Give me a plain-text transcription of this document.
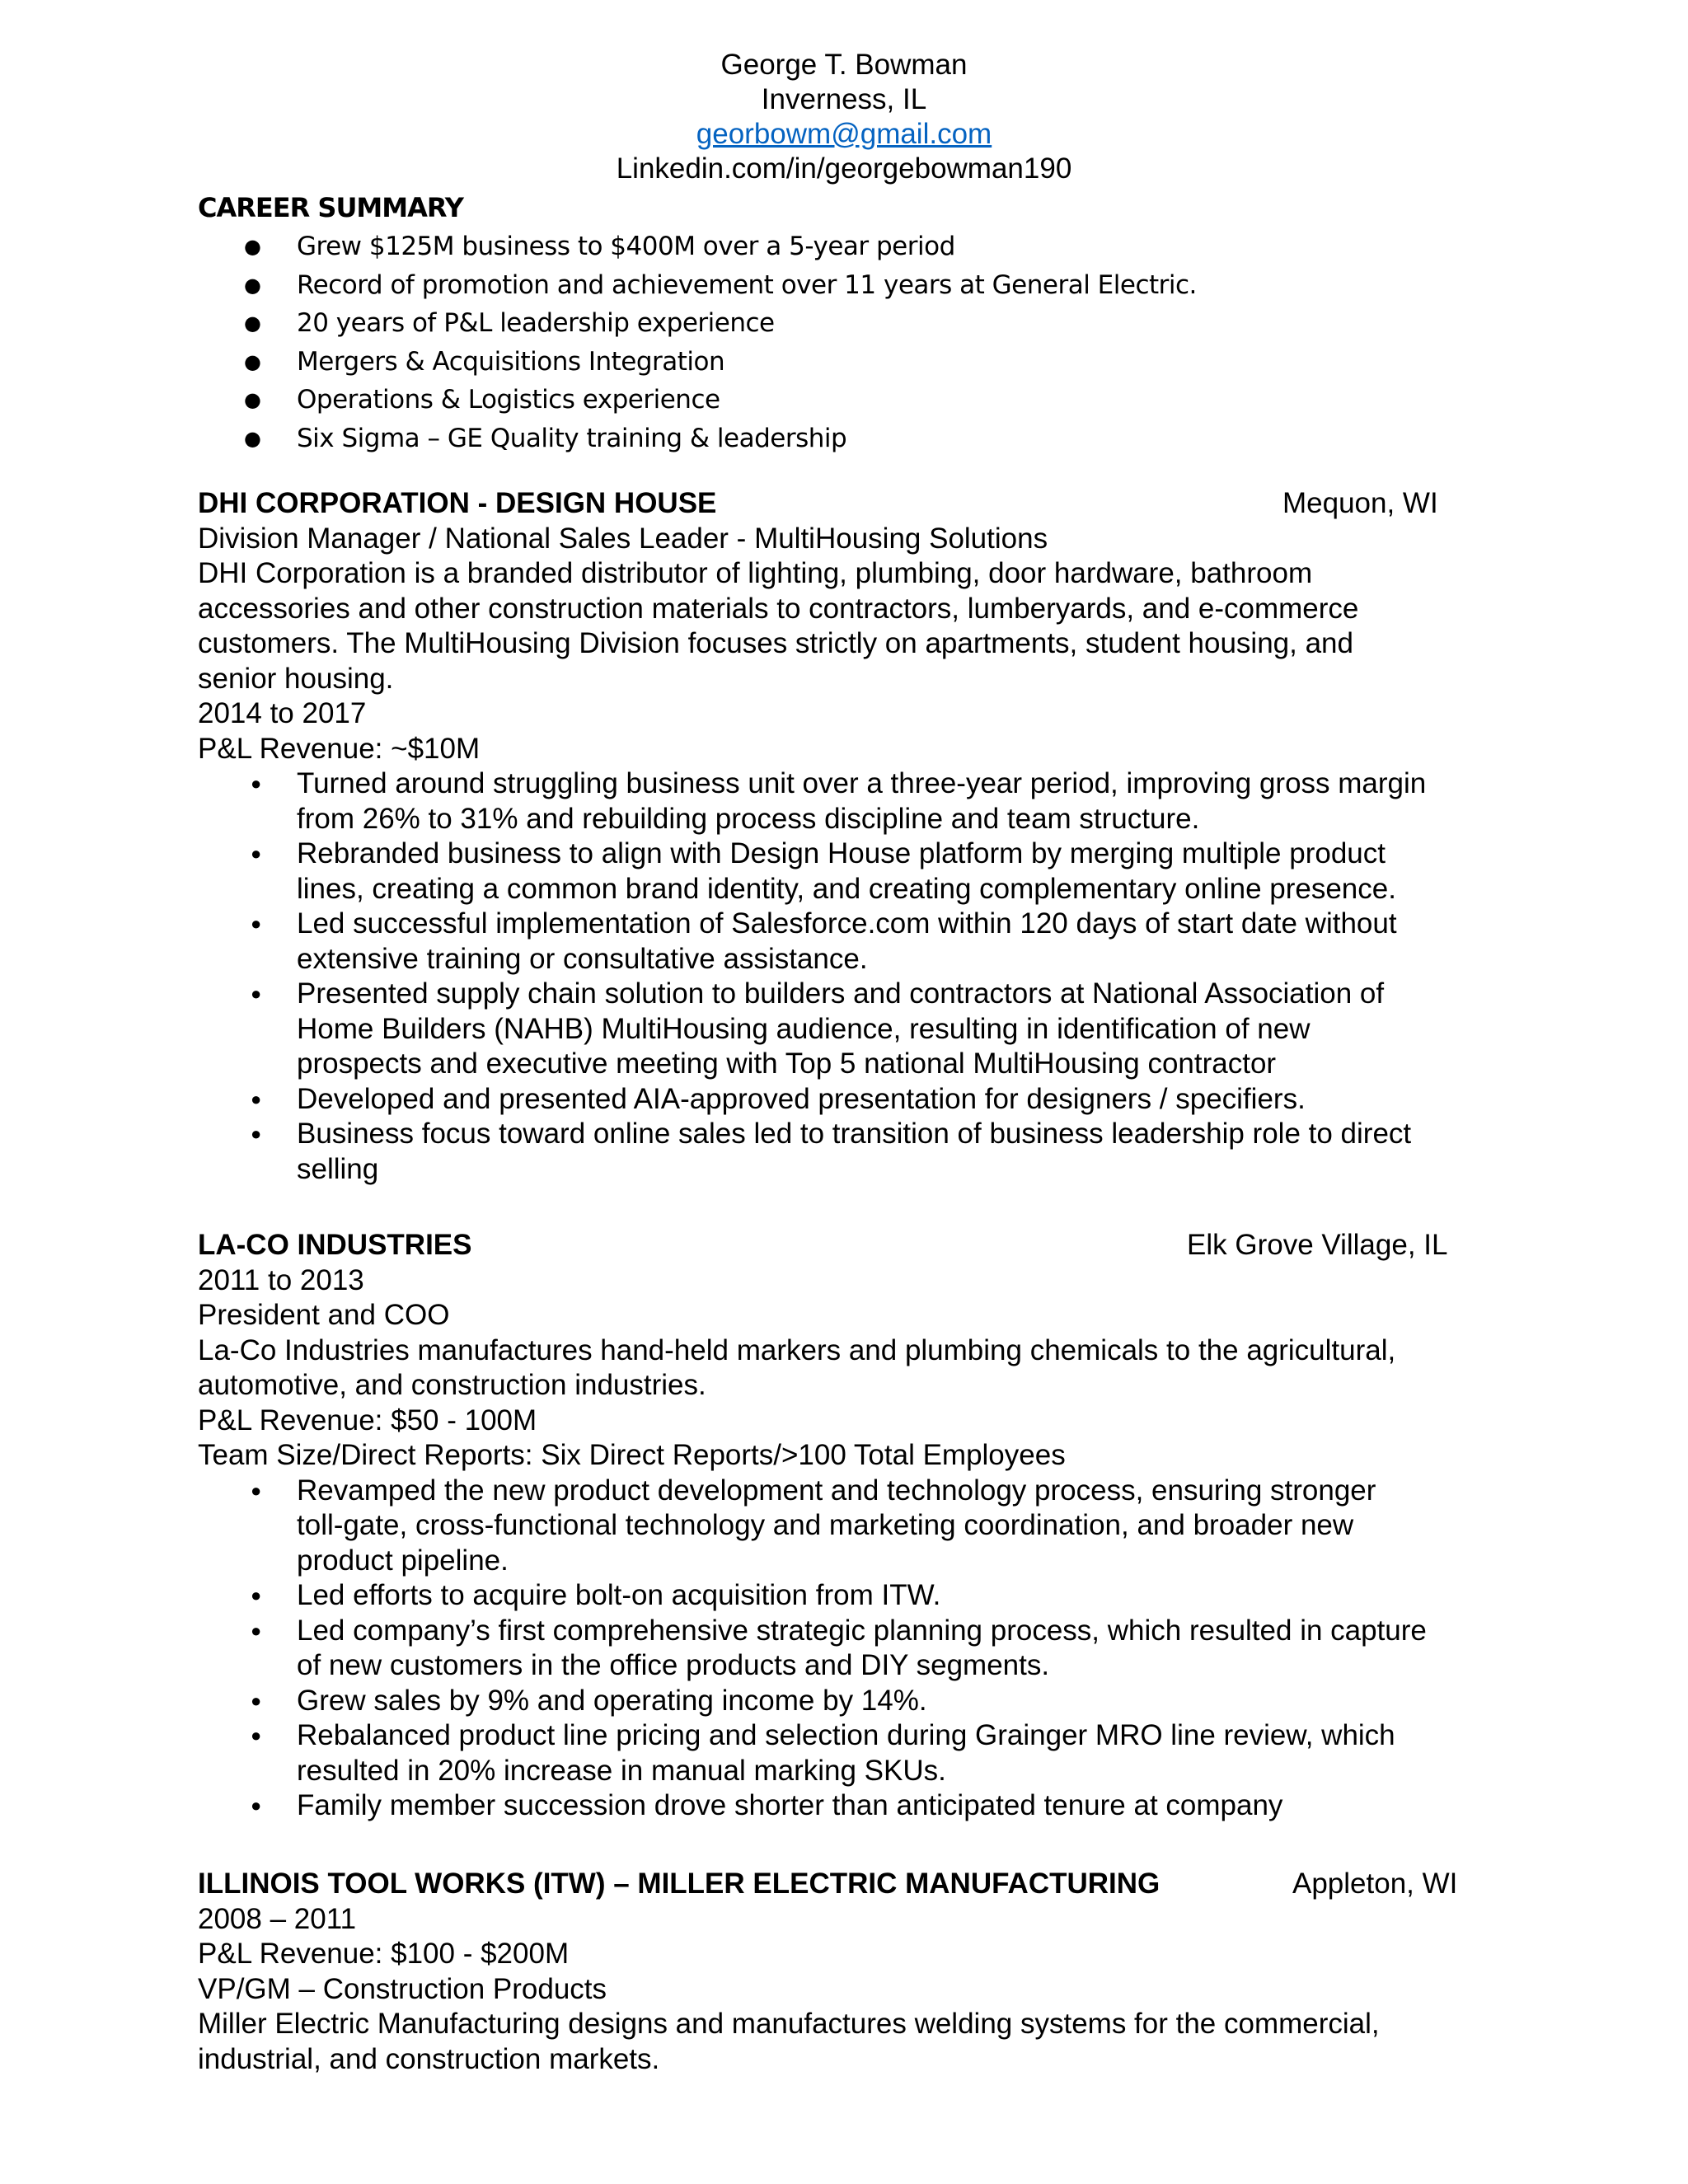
George T. Bowman
Inverness, IL
georbowm@gmail.com
Linkedin.com/in/georgebowman190
CAREER SUMMARY
● Grew $125M business to $400M over a 5-year period
● Record of promotion and achievement over 11 years at General Electric.
● 20 years of P&L leadership experience
● Mergers & Acquisitions Integration
● Operations & Logistics experience
● Six Sigma – GE Quality training & leadership
DHI CORPORATION - DESIGN HOUSE	Mequon, WI
Division Manager / National Sales Leader - MultiHousing Solutions
DHI Corporation is a branded distributor of lighting, plumbing, door hardware, bathroom
accessories and other construction materials to contractors, lumberyards, and e-commerce
customers. The MultiHousing Division focuses strictly on apartments, student housing, and
senior housing.
2014 to 2017
P&L Revenue: ~$10M
● Turned around struggling business unit over a three-year period, improving gross margin
from 26% to 31% and rebuilding process discipline and team structure.
● Rebranded business to align with Design House platform by merging multiple product
lines, creating a common brand identity, and creating complementary online presence.
● Led successful implementation of Salesforce.com within 120 days of start date without
extensive training or consultative assistance.
● Presented supply chain solution to builders and contractors at National Association of
Home Builders (NAHB) MultiHousing audience, resulting in identification of new
prospects and executive meeting with Top 5 national MultiHousing contractor
● Developed and presented AIA-approved presentation for designers / specifiers.
● Business focus toward online sales led to transition of business leadership role to direct
selling
LA-CO INDUSTRIES	Elk Grove Village, IL
2011 to 2013
President and COO
La-Co Industries manufactures hand-held markers and plumbing chemicals to the agricultural,
automotive, and construction industries.
P&L Revenue: $50 - 100M
Team Size/Direct Reports: Six Direct Reports/>100 Total Employees
● Revamped the new product development and technology process, ensuring stronger
toll-gate, cross-functional technology and marketing coordination, and broader new
product pipeline.
● Led efforts to acquire bolt-on acquisition from ITW.
● Led company’s first comprehensive strategic planning process, which resulted in capture
of new customers in the office products and DIY segments.
● Grew sales by 9% and operating income by 14%.
● Rebalanced product line pricing and selection during Grainger MRO line review, which
resulted in 20% increase in manual marking SKUs.
● Family member succession drove shorter than anticipated tenure at company
ILLINOIS TOOL WORKS (ITW) – MILLER ELECTRIC MANUFACTURING	Appleton, WI
2008 – 2011
P&L Revenue: $100 - $200M
VP/GM – Construction Products
Miller Electric Manufacturing designs and manufactures welding systems for the commercial,
industrial, and construction markets.
